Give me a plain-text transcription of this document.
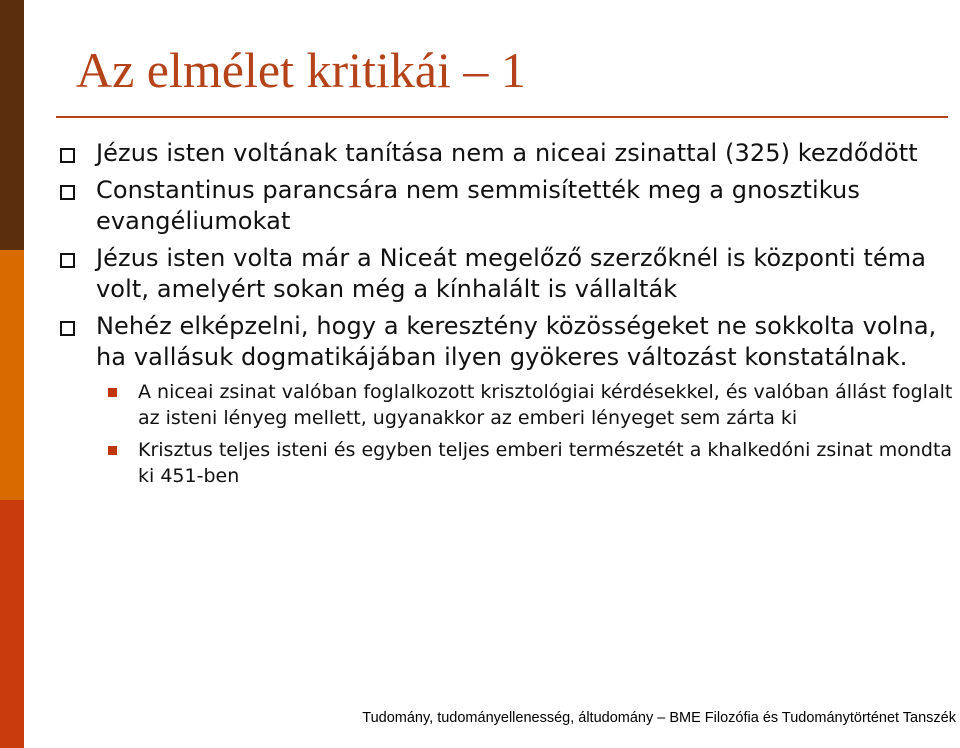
Az elmélet kritikái – 1
Jézus isten voltának tanítása nem a niceai zsinattal (325) kezdődött
Constantinus parancsára nem semmisítették meg a gnosztikus evangéliumokat
Jézus isten volta már a Niceát megelőző szerzőknél is központi téma volt, amelyért sokan még a kínhalált is vállalták
Nehéz elképzelni, hogy a keresztény közösségeket ne sokkolta volna, ha vallásuk dogmatikájában ilyen gyökeres változást konstatálnak.
A niceai zsinat valóban foglalkozott krisztológiai kérdésekkel, és valóban állást foglalt az isteni lényeg mellett, ugyanakkor az emberi lényeget sem zárta ki
Krisztus teljes isteni és egyben teljes emberi természetét a khalkedóni zsinat mondta ki 451-ben
Tudomány, tudományellenesség, áltudomány – BME Filozófia és Tudománytörténet Tanszék
